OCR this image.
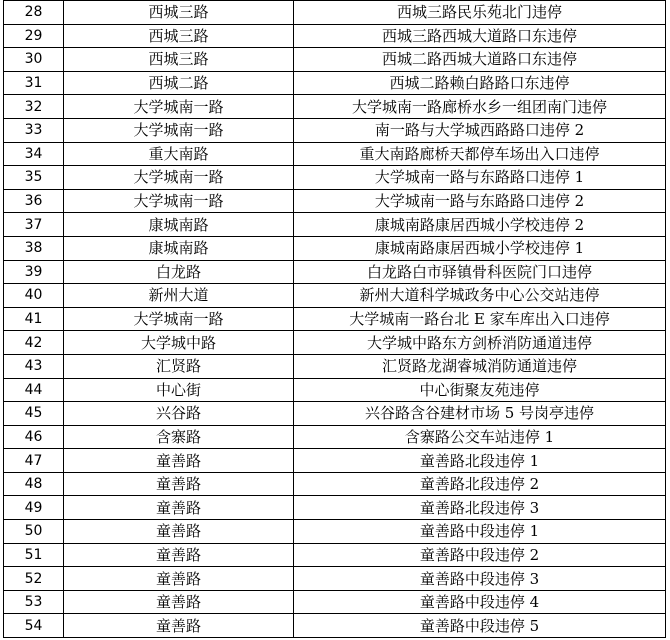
28	西城三路	西城三路民乐苑北门违停
29	西城三路	西城三路西城大道路口东违停
30	西城三路	西城二路西城大道路口东违停
31	西城二路	西城二路赖白路路口东违停
32	大学城南一路	大学城南一路廊桥水乡一组团南门违停
33	大学城南一路	南一路与大学城西路路口违停 2
34	重大南路	重大南路廊桥天都停车场出入口违停
35	大学城南一路	大学城南一路与东路路口违停 1
36	大学城南一路	大学城南一路与东路路口违停 2
37	康城南路	康城南路康居西城小学校违停 2
38	康城南路	康城南路康居西城小学校违停 1
39	白龙路	白龙路白市驿镇骨科医院门口违停
40	新州大道	新州大道科学城政务中心公交站违停
41	大学城南一路	大学城南一路台北 E 家车库出入口违停
42	大学城中路	大学城中路东方剑桥消防通道违停
43	汇贤路	汇贤路龙湖睿城消防通道违停
44	中心街	中心街聚友苑违停
45	兴谷路	兴谷路含谷建材市场 5 号岗亭违停
46	含寨路	含寨路公交车站违停 1
47	童善路	童善路北段违停 1
48	童善路	童善路北段违停 2
49	童善路	童善路北段违停 3
50	童善路	童善路中段违停 1
51	童善路	童善路中段违停 2
52	童善路	童善路中段违停 3
53	童善路	童善路中段违停 4
54	童善路	童善路中段违停 5
